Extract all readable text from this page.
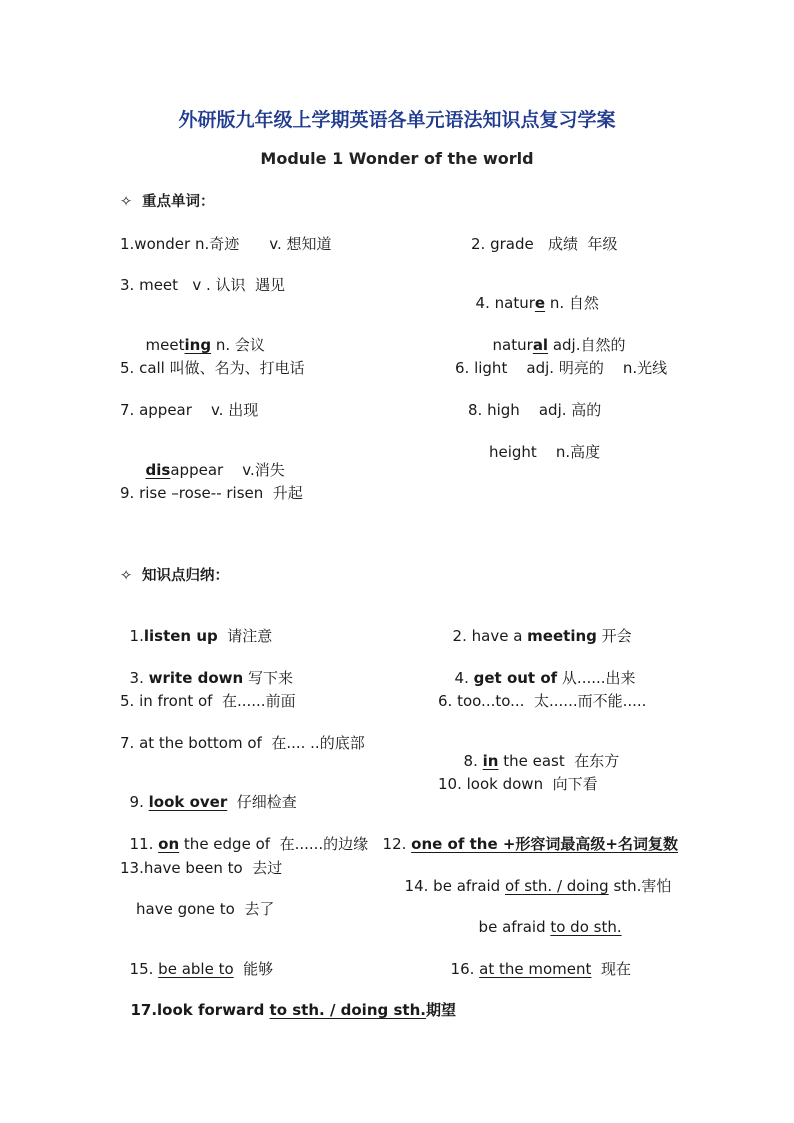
外研版九年级上学期英语各单元语法知识点复习学案
Module 1 Wonder of the world
✧ 重点单词：
1.wonder n.奇迹 v. 想知道	2. grade   成绩  年级
3. meet   v . 认识  遇见

4. nature n. 自然

meeting n. 会议	natural adj.自然的

5. call 叫做、名为、打电话	6. light    adj. 明亮的    n.光线
7. appear    v. 出现	8. high    adj. 高的

disappear    v.消失

height    n.高度
9. rise –rose-- risen  升起
✧ 知识点归纳：

1.listen up  请注意	2. have a meeting 开会

3. write down 写下来	4. get out of 从......出来

5. in front of  在......前面	6. too...to...  太......而不能.....
7. at the bottom of  在.... ..的底部

8. in the east  在东方

9. look over  仔细检查

10. look down  向下看

11. on the edge of  在......的边缘 12. one of the +形容词最高级+名词复数

13.have been to  去过

14. be afraid of sth. / doing sth.害怕

have gone to  去了

be afraid to do sth.

15. be able to  能够	16. at the moment  现在

17.look forward to sth. / doing sth.期望
